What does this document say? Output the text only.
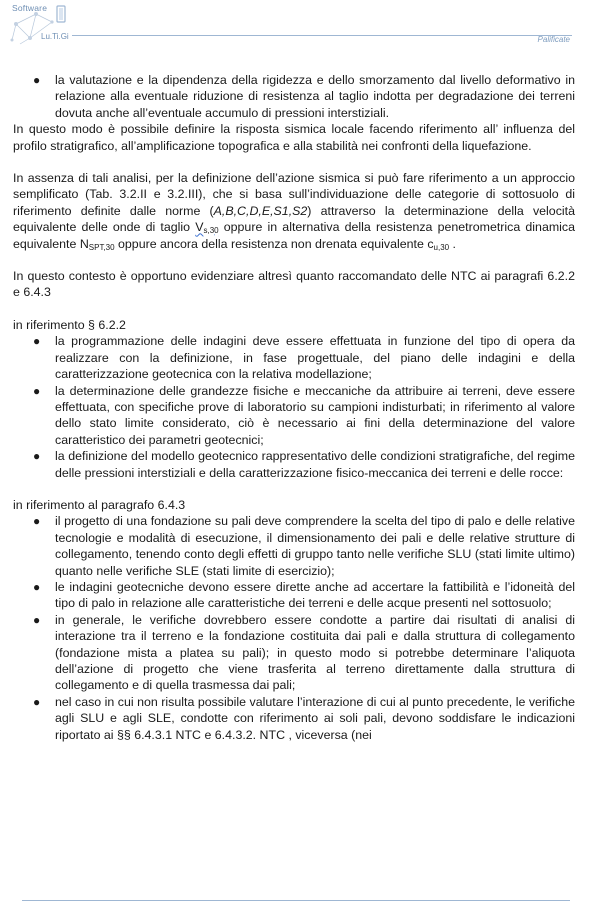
Software
Lu.Ti.Gi	Palificate
● la valutazione e la dipendenza della rigidezza e dello smorzamento dal livello deformativo in relazione alla eventuale riduzione di resistenza al taglio indotta per degradazione dei terreni dovuta anche all’eventuale accumulo di pressioni interstiziali.

In questo modo è possibile definire la risposta sismica locale facendo riferimento all’ influenza del profilo stratigrafico, all’amplificazione topografica e alla stabilità nei confronti della liquefazione.

In assenza di tali analisi, per la definizione dell’azione sismica si può fare riferimento a un approccio semplificato (Tab. 3.2.II e 3.2.III), che si basa sull’individuazione delle categorie di sottosuolo di riferimento definite dalle norme (A,B,C,D,E,S1,S2) attraverso la determinazione della velocità equivalente delle onde di taglio $V_{s,30}$ oppure in alternativa della resistenza penetrometrica dinamica equivalente $N_{SPT,30}$ oppure ancora della resistenza non drenata equivalente $c_{u,30}$ .

In questo contesto è opportuno evidenziare altresì quanto raccomandato delle NTC ai paragrafi 6.2.2 e 6.4.3

in riferimento § 6.2.2

● la programmazione delle indagini deve essere effettuata in funzione del tipo di opera da realizzare con la definizione, in fase progettuale, del piano delle indagini e della caratterizzazione geotecnica con la relativa modellazione;
● la determinazione delle grandezze fisiche e meccaniche da attribuire ai terreni, deve essere effettuata, con specifiche prove di laboratorio su campioni indisturbati; in riferimento al valore dello stato limite considerato, ciò è necessario ai fini della determinazione del valore caratteristico dei parametri geotecnici;
● la definizione del modello geotecnico rappresentativo delle condizioni stratigrafiche, del regime delle pressioni interstiziali e della caratterizzazione fisico-meccanica dei terreni e delle rocce:

in riferimento al paragrafo 6.4.3

● il progetto di una fondazione su pali deve comprendere la scelta del tipo di palo e delle relative tecnologie e modalità di esecuzione, il dimensionamento dei pali e delle relative strutture di collegamento, tenendo conto degli effetti di gruppo tanto nelle verifiche SLU (stati limite ultimo) quanto nelle verifiche SLE (stati limite di esercizio);
● le indagini geotecniche devono essere dirette anche ad accertare la fattibilità e l’idoneità del tipo di palo in relazione alle caratteristiche dei terreni e delle acque presenti nel sottosuolo;
● in generale, le verifiche dovrebbero essere condotte a partire dai risultati di analisi di interazione tra il terreno e la fondazione costituita dai pali e dalla struttura di collegamento (fondazione mista a platea su pali); in questo modo si potrebbe determinare l’aliquota dell’azione di progetto che viene trasferita al terreno direttamente dalla struttura di collegamento e di quella trasmessa dai pali;
● nel caso in cui non risulta possibile valutare l’interazione di cui al punto precedente, le verifiche agli SLU e agli SLE, condotte con riferimento ai soli pali, devono soddisfare le indicazioni riportato ai §§ 6.4.3.1 NTC e 6.4.3.2. NTC , viceversa (nei
